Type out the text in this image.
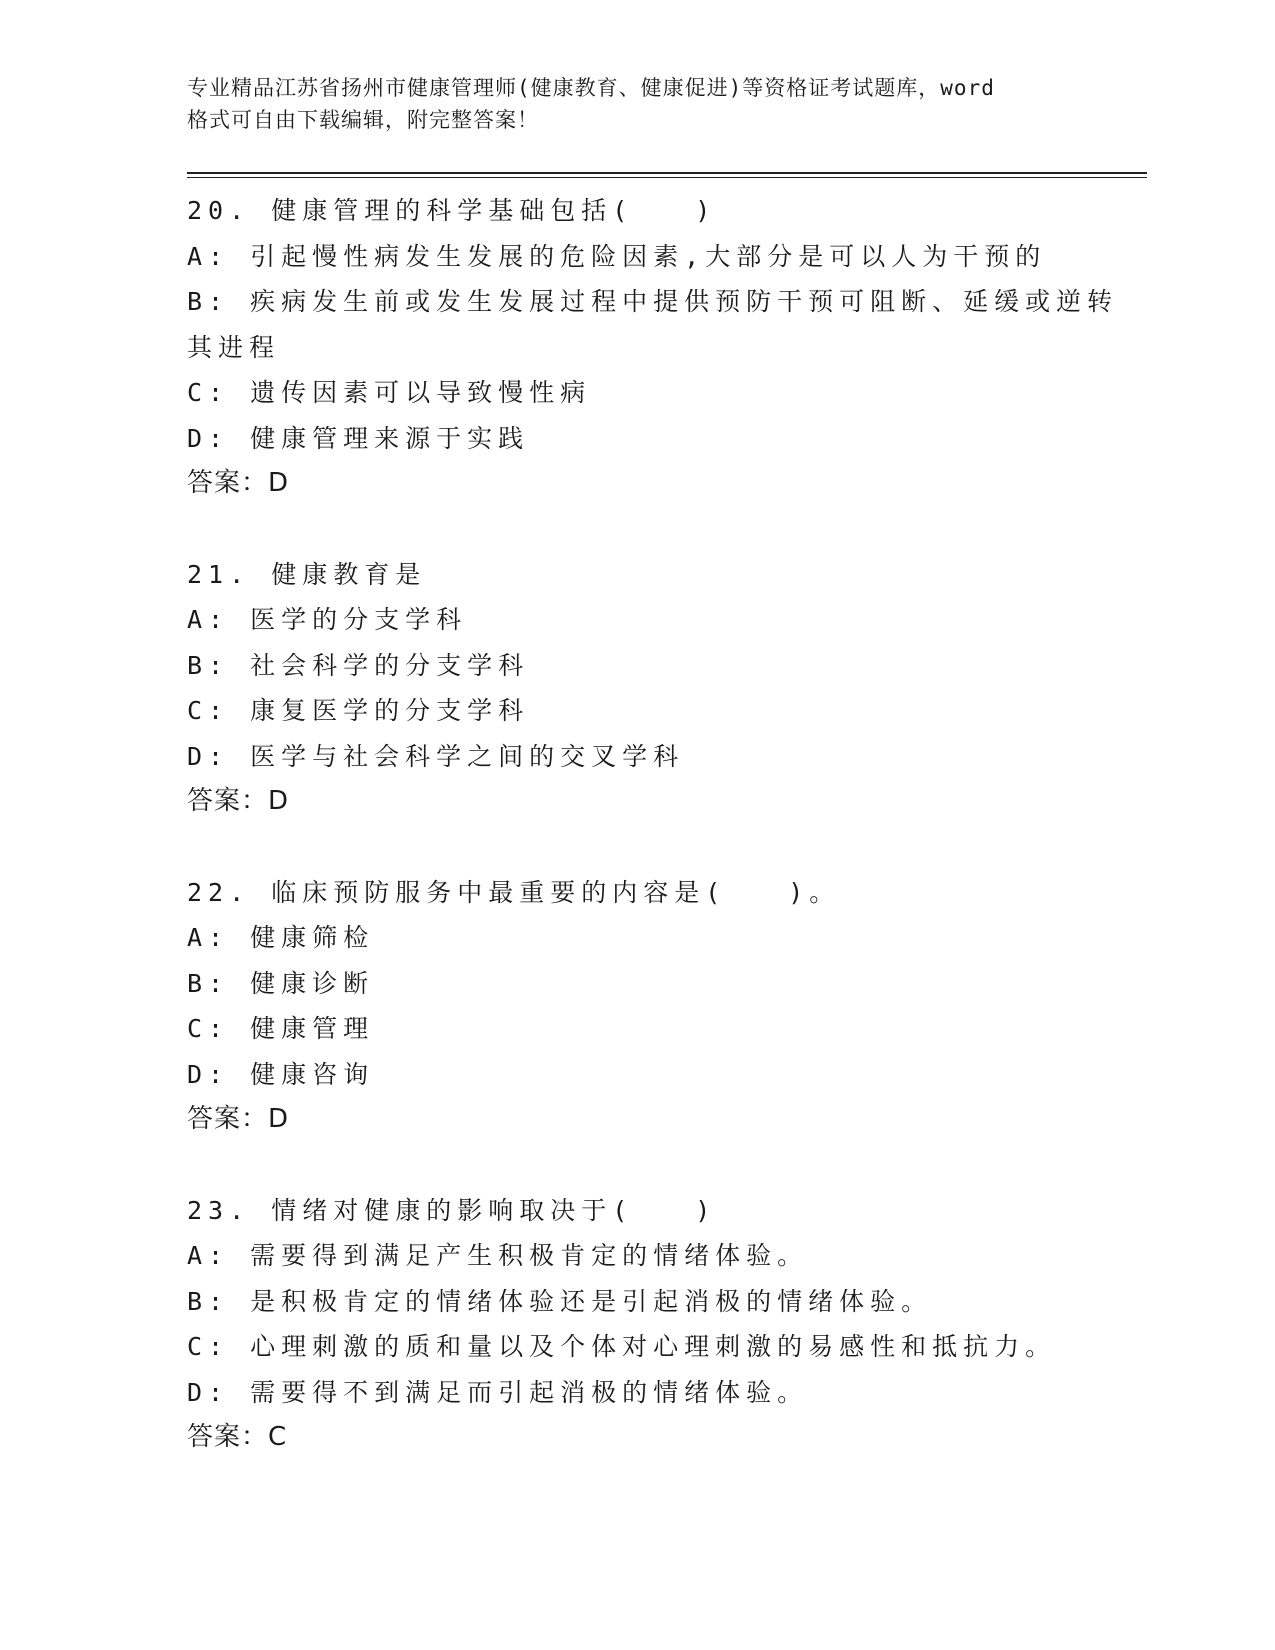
专业精品江苏省扬州市健康管理师(健康教育、健康促进)等资格证考试题库，word

格式可自由下载编辑，附完整答案！

20. 健康管理的科学基础包括(　　)

A: 引起慢性病发生发展的危险因素,大部分是可以人为干预的

B: 疾病发生前或发生发展过程中提供预防干预可阻断、延缓或逆转其进程

C: 遗传因素可以导致慢性病

D: 健康管理来源于实践

答案：D

21. 健康教育是

A: 医学的分支学科

B: 社会科学的分支学科

C: 康复医学的分支学科

D: 医学与社会科学之间的交叉学科

答案：D

22. 临床预防服务中最重要的内容是(　　)。

A: 健康筛检

B: 健康诊断

C: 健康管理

D: 健康咨询

答案：D

23. 情绪对健康的影响取决于(　　)

A: 需要得到满足产生积极肯定的情绪体验。

B: 是积极肯定的情绪体验还是引起消极的情绪体验。

C: 心理刺激的质和量以及个体对心理刺激的易感性和抵抗力。

D: 需要得不到满足而引起消极的情绪体验。

答案：C
